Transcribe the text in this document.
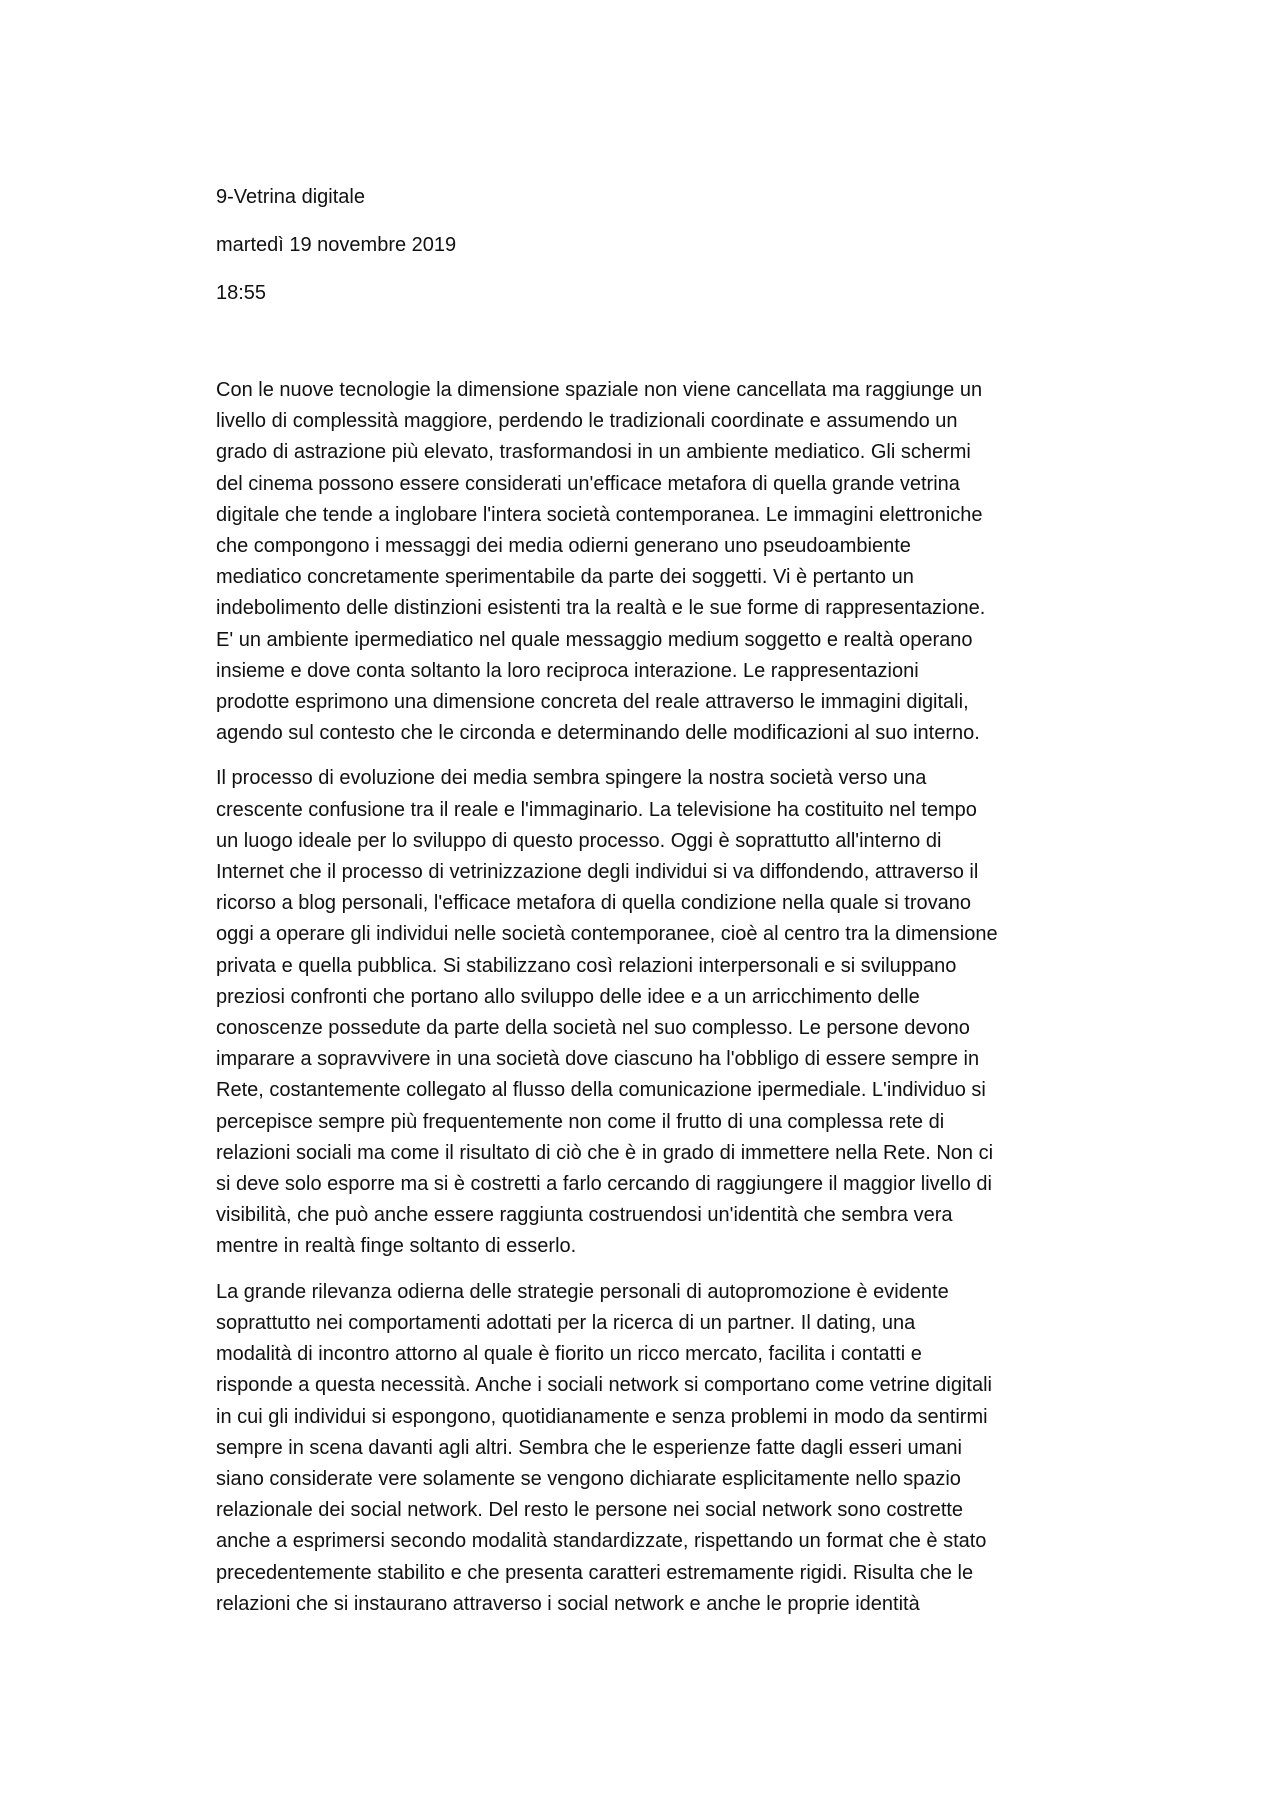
9-Vetrina digitale
martedì 19 novembre 2019
18:55
Con le nuove tecnologie la dimensione spaziale non viene cancellata ma raggiunge un
livello di complessità maggiore, perdendo le tradizionali coordinate e assumendo un
grado di astrazione più elevato, trasformandosi in un ambiente mediatico. Gli schermi
del cinema possono essere considerati un'efficace metafora di quella grande vetrina
digitale che tende a inglobare l'intera società contemporanea. Le immagini elettroniche
che compongono i messaggi dei media odierni generano uno pseudoambiente
mediatico concretamente sperimentabile da parte dei soggetti. Vi è pertanto un
indebolimento delle distinzioni esistenti tra la realtà e le sue forme di rappresentazione.
E' un ambiente ipermediatico nel quale messaggio medium soggetto e realtà operano
insieme e dove conta soltanto la loro reciproca interazione. Le rappresentazioni
prodotte esprimono una dimensione concreta del reale attraverso le immagini digitali,
agendo sul contesto che le circonda e determinando delle modificazioni al suo interno.
Il processo di evoluzione dei media sembra spingere la nostra società verso una
crescente confusione tra il reale e l'immaginario. La televisione ha costituito nel tempo
un luogo ideale per lo sviluppo di questo processo. Oggi è soprattutto all'interno di
Internet che il processo di vetrinizzazione degli individui si va diffondendo, attraverso il
ricorso a blog personali, l'efficace metafora di quella condizione nella quale si trovano
oggi a operare gli individui nelle società contemporanee, cioè al centro tra la dimensione
privata e quella pubblica. Si stabilizzano così relazioni interpersonali e si sviluppano
preziosi confronti che portano allo sviluppo delle idee e a un arricchimento delle
conoscenze possedute da parte della società nel suo complesso. Le persone devono
imparare a sopravvivere in una società dove ciascuno ha l'obbligo di essere sempre in
Rete, costantemente collegato al flusso della comunicazione ipermediale. L'individuo si
percepisce sempre più frequentemente non come il frutto di una complessa rete di
relazioni sociali ma come il risultato di ciò che è in grado di immettere nella Rete. Non ci
si deve solo esporre ma si è costretti a farlo cercando di raggiungere il maggior livello di
visibilità, che può anche essere raggiunta costruendosi un'identità che sembra vera
mentre in realtà finge soltanto di esserlo.
La grande rilevanza odierna delle strategie personali di autopromozione è evidente
soprattutto nei comportamenti adottati per la ricerca di un partner. Il dating, una
modalità di incontro attorno al quale è fiorito un ricco mercato, facilita i contatti e
risponde a questa necessità. Anche i sociali network si comportano come vetrine digitali
in cui gli individui si espongono, quotidianamente e senza problemi in modo da sentirmi
sempre in scena davanti agli altri. Sembra che le esperienze fatte dagli esseri umani
siano considerate vere solamente se vengono dichiarate esplicitamente nello spazio
relazionale dei social network. Del resto le persone nei social network sono costrette
anche a esprimersi secondo modalità standardizzate, rispettando un format che è stato
precedentemente stabilito e che presenta caratteri estremamente rigidi. Risulta che le
relazioni che si instaurano attraverso i social network e anche le proprie identità
